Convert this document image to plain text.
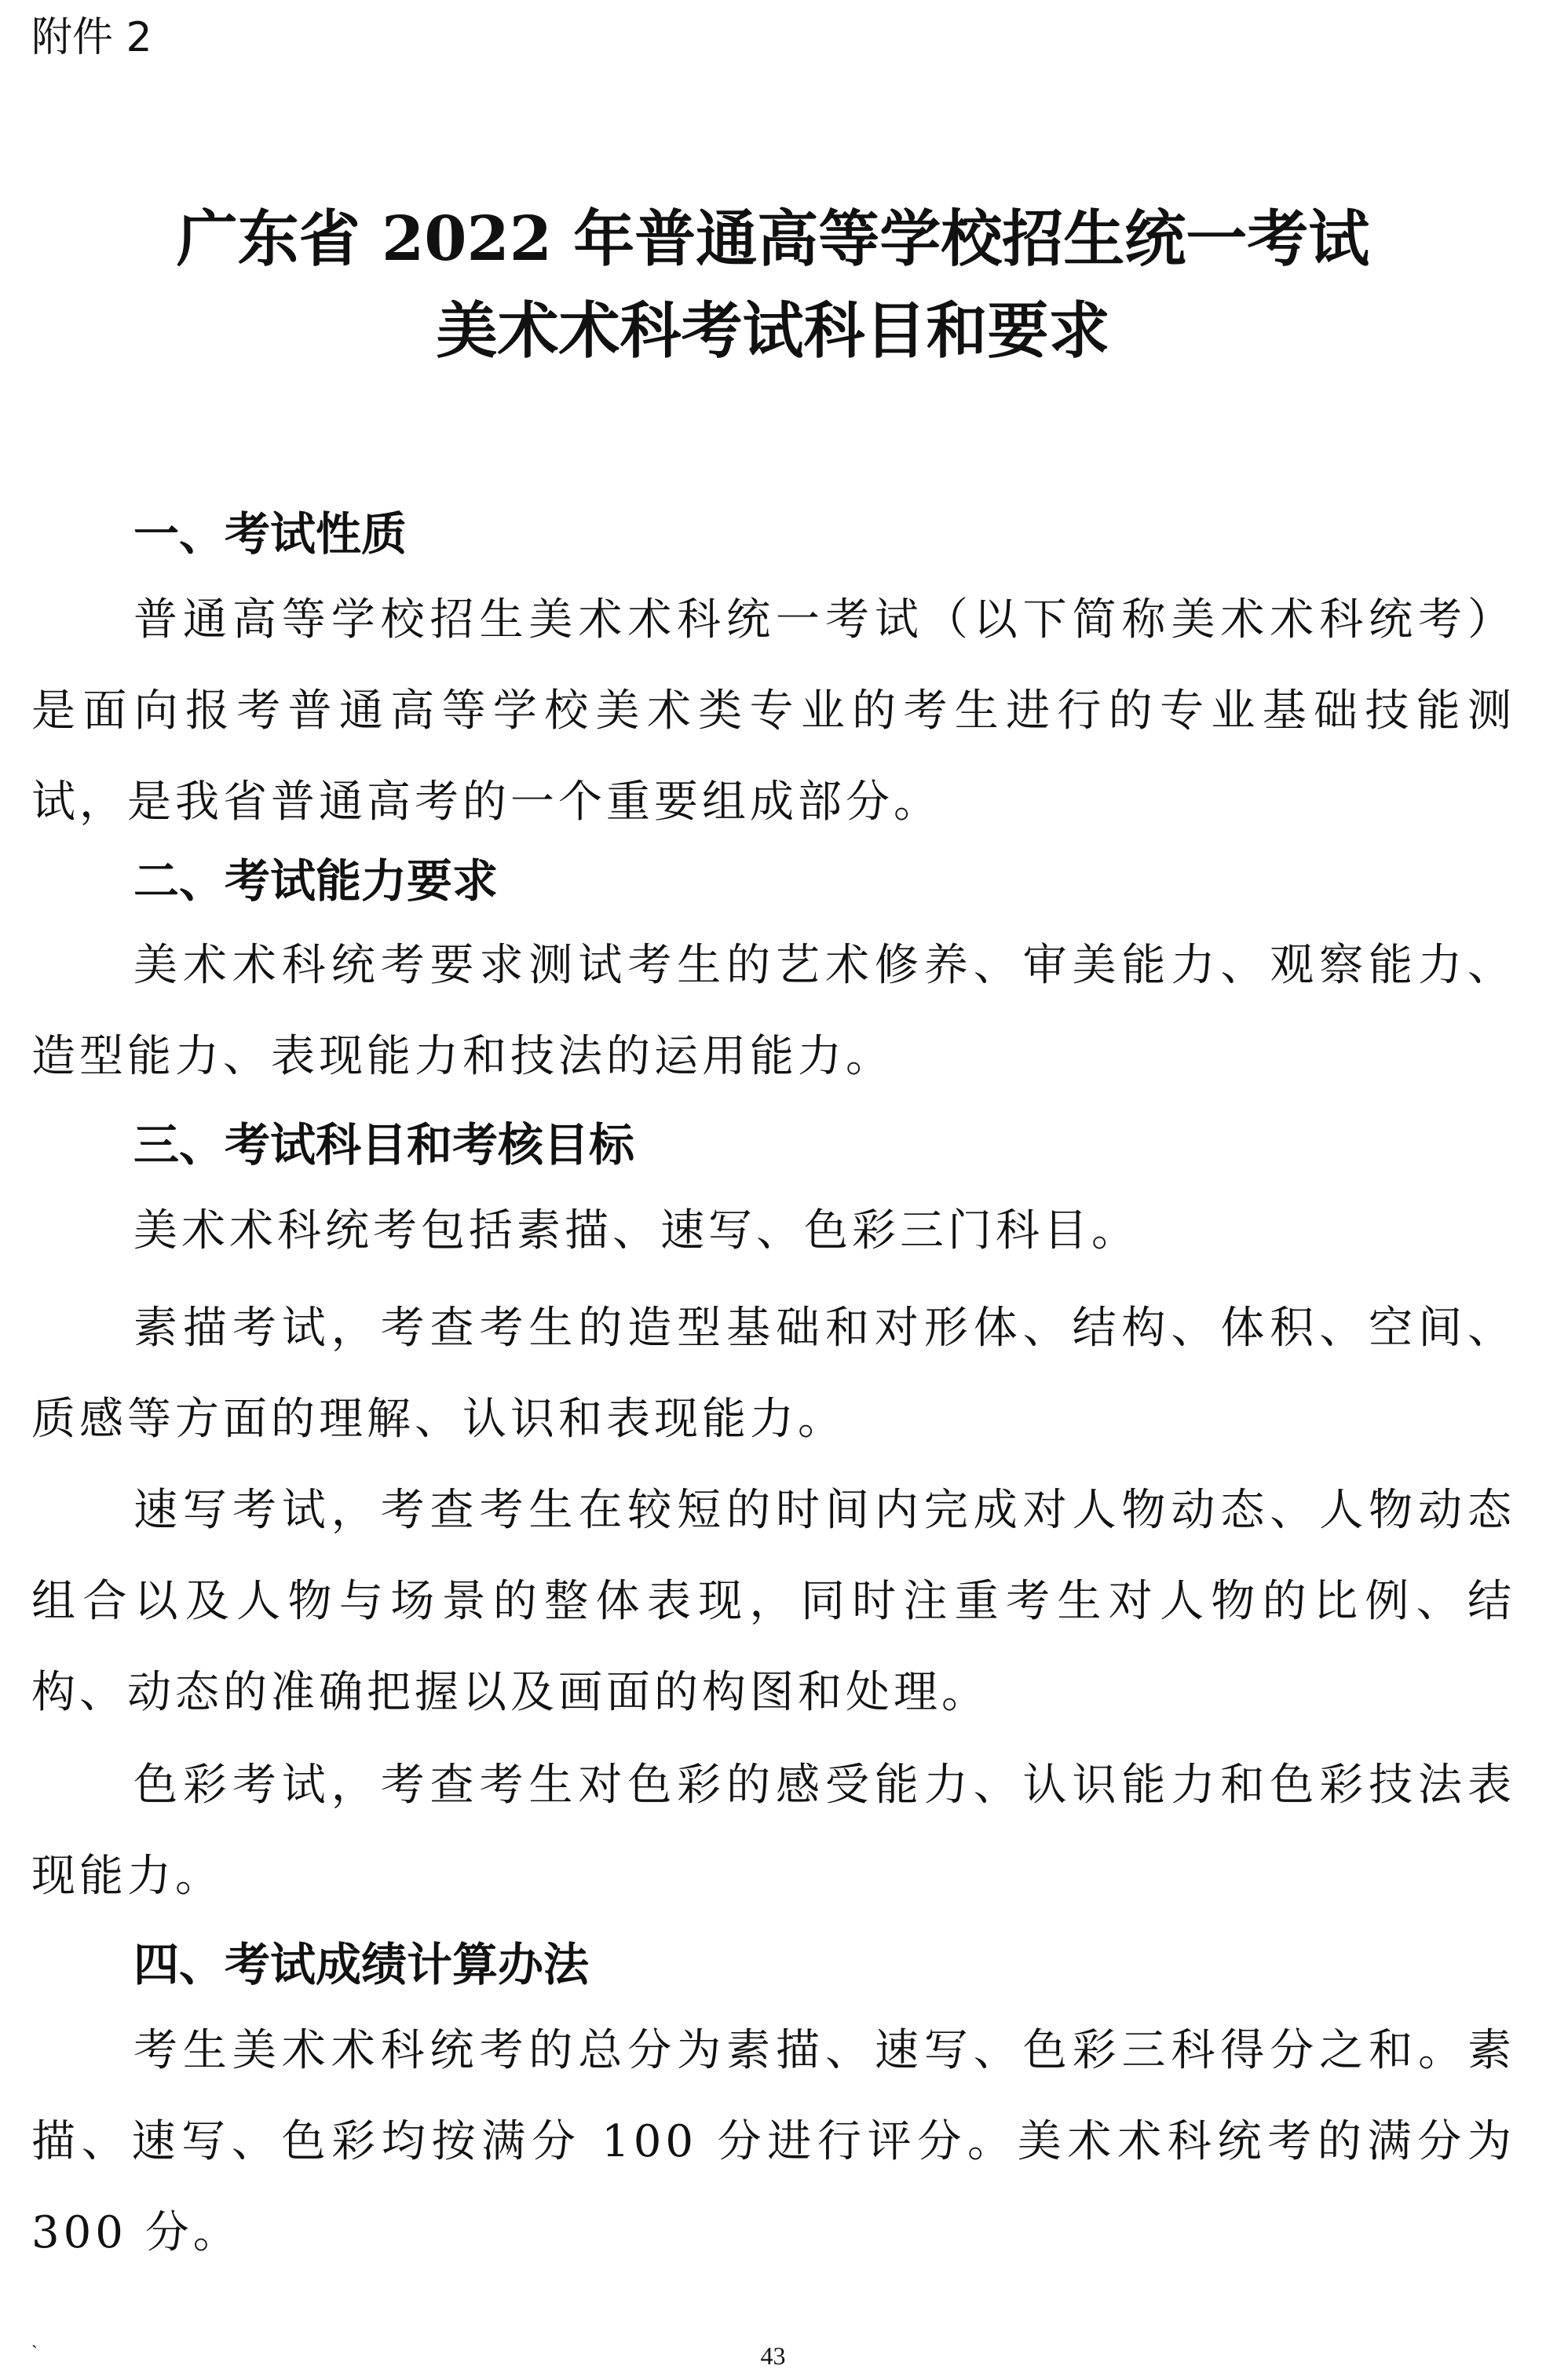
附件 2
广东省 2022 年普通高等学校招生统一考试
美术术科考试科目和要求
一、考试性质
普通高等学校招生美术术科统一考试（以下简称美术术科统考）是面向报考普通高等学校美术类专业的考生进行的专业基础技能测试，是我省普通高考的一个重要组成部分。
二、考试能力要求
美术术科统考要求测试考生的艺术修养、审美能力、观察能力、造型能力、表现能力和技法的运用能力。
三、考试科目和考核目标
美术术科统考包括素描、速写、色彩三门科目。
素描考试，考查考生的造型基础和对形体、结构、体积、空间、质感等方面的理解、认识和表现能力。
速写考试，考查考生在较短的时间内完成对人物动态、人物动态组合以及人物与场景的整体表现，同时注重考生对人物的比例、结构、动态的准确把握以及画面的构图和处理。
色彩考试，考查考生对色彩的感受能力、认识能力和色彩技法表现能力。
四、考试成绩计算办法
考生美术术科统考的总分为素描、速写、色彩三科得分之和。素描、速写、色彩均按满分 100 分进行评分。美术术科统考的满分为 300 分。
`	43
